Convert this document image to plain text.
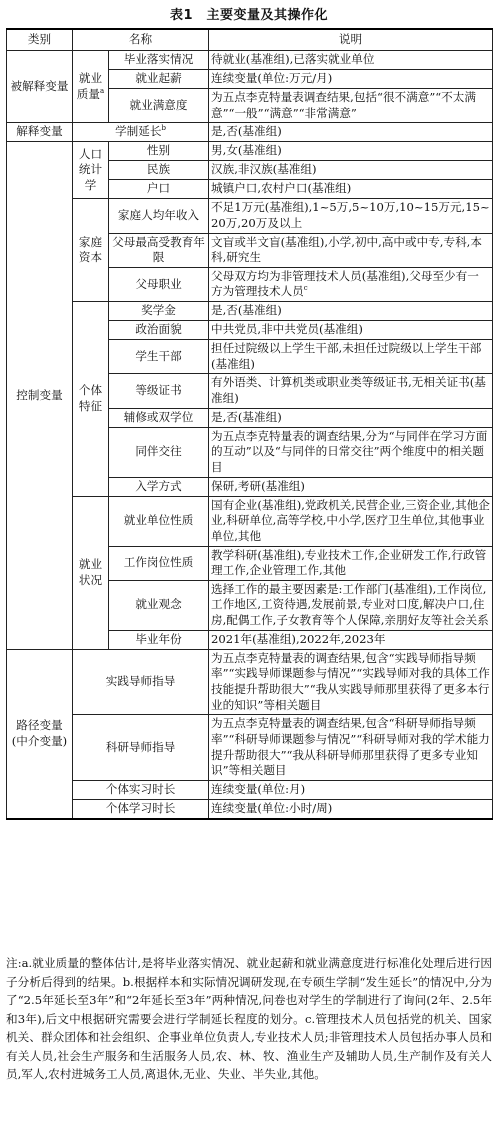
表1　主要变量及其操作化
类别	名称		说明
被解释变量	就业质量$^a$	毕业落实情况	待就业(基准组),已落实就业单位
		就业起薪	连续变量(单位:万元/月)
		就业满意度	为五点李克特量表调查结果,包括“很不满意”“不太满意”“一般”“满意”“非常满意”
解释变量	学制延长$^b$		是,否(基准组)
控制变量	人口统计学	性别	男,女(基准组)
		民族	汉族,非汉族(基准组)
		户口	城镇户口,农村户口(基准组)
	家庭资本	家庭人均年收入	不足1万元(基准组),1~5万,5~10万,10~15万元,15~20万,20万及以上
		父母最高受教育年限	文盲或半文盲(基准组),小学,初中,高中或中专,专科,本科,研究生
		父母职业	父母双方均为非管理技术人员(基准组),父母至少有一方为管理技术人员$^c$
	个体特征	奖学金	是,否(基准组)
		政治面貌	中共党员,非中共党员(基准组)
		学生干部	担任过院级以上学生干部,未担任过院级以上学生干部(基准组)
		等级证书	有外语类、计算机类或职业类等级证书,无相关证书(基准组)
		辅修或双学位	是,否(基准组)
		同伴交往	为五点李克特量表的调查结果,分为“与同伴在学习方面的互动”以及“与同伴的日常交往”两个维度中的相关题目
		入学方式	保研,考研(基准组)
	就业状况	就业单位性质	国有企业(基准组),党政机关,民营企业,三资企业,其他企业,科研单位,高等学校,中小学,医疗卫生单位,其他事业单位,其他
		工作岗位性质	教学科研(基准组),专业技术工作,企业研发工作,行政管理工作,企业管理工作,其他
		就业观念	选择工作的最主要因素是:工作部门(基准组),工作岗位,工作地区,工资待遇,发展前景,专业对口度,解决户口,住房,配偶工作,子女教育等个人保障,亲朋好友等社会关系
		毕业年份	2021年(基准组),2022年,2023年
路径变量(中介变量)	实践导师指导		为五点李克特量表的调查结果,包含“实践导师指导频率”“实践导师课题参与情况”“实践导师对我的具体工作技能提升帮助很大”“我从实践导师那里获得了更多本行业的知识”等相关题目
	科研导师指导		为五点李克特量表的调查结果,包含“科研导师指导频率”“科研导师课题参与情况”“科研导师对我的学术能力提升帮助很大”“我从科研导师那里获得了更多专业知识”等相关题目
	个体实习时长		连续变量(单位:月)
	个体学习时长		连续变量(单位:小时/周)
注:a.就业质量的整体估计,是将毕业落实情况、就业起薪和就业满意度进行标准化处理后进行因子分析后得到的结果。b.根据样本和实际情况调研发现,在专硕生学制“发生延长”的情况中,分为了“2.5年延长至3年”和“2年延长至3年”两种情况,问卷也对学生的学制进行了询问(2年、2.5年和3年),后文中根据研究需要会进行学制延长程度的划分。c.管理技术人员包括党的机关、国家机关、群众团体和社会组织、企事业单位负责人,专业技术人员;非管理技术人员包括办事人员和有关人员,社会生产服务和生活服务人员,农、林、牧、渔业生产及辅助人员,生产制作及有关人员,军人,农村进城务工人员,离退休,无业、失业、半失业,其他。
